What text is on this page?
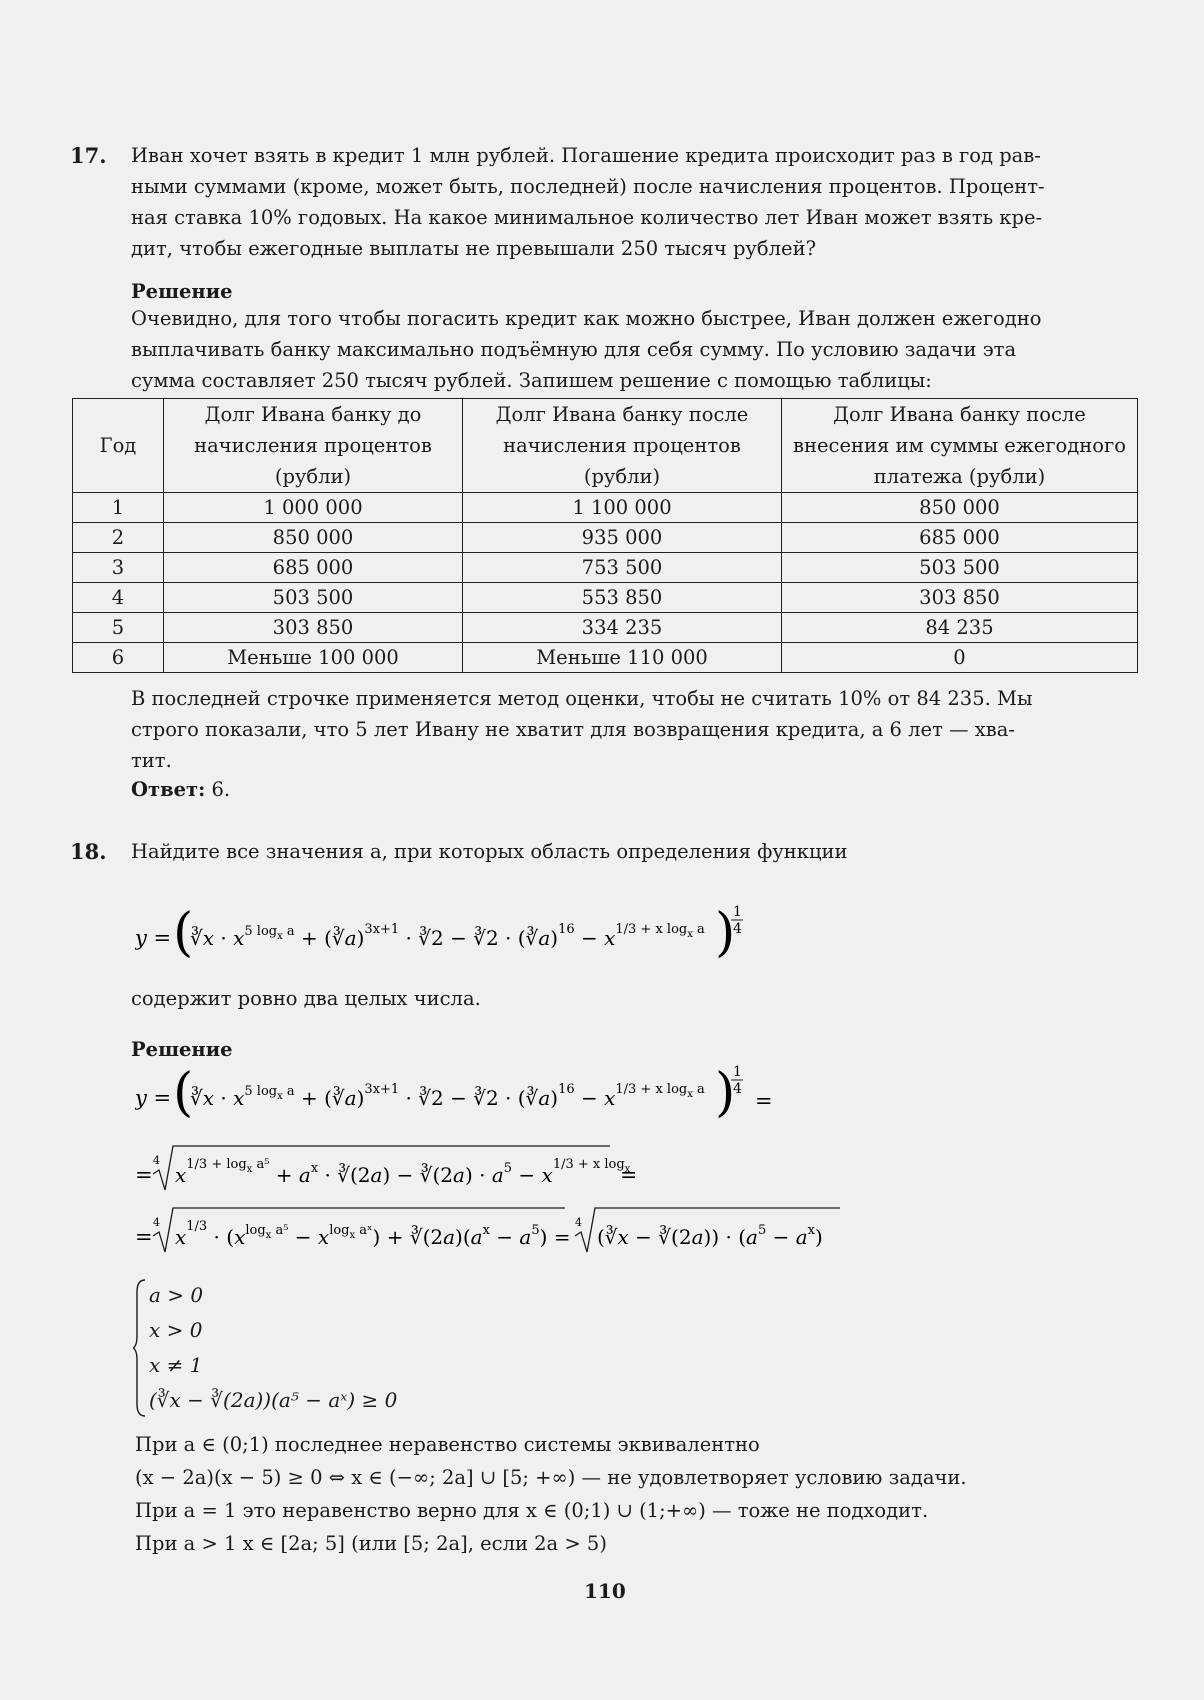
17. Иван хочет взять в кредит 1 млн рублей. Погашение кредита происходит раз в год рав-
ными суммами (кроме, может быть, последней) после начисления процентов. Процент-
ная ставка 10% годовых. На какое минимальное количество лет Иван может взять кре-
дит, чтобы ежегодные выплаты не превышали 250 тысяч рублей?
Решение
Очевидно, для того чтобы погасить кредит как можно быстрее, Иван должен ежегодно
выплачивать банку максимально подъёмную для себя сумму. По условию задачи эта
сумма составляет 250 тысяч рублей. Запишем решение с помощью таблицы:
Год	Долг Ивана банку до начисления процентов (рубли)	Долг Ивана банку после начисления процентов (рубли)	Долг Ивана банку после внесения им суммы ежегодного платежа (рубли)
1	1 000 000	1 100 000	850 000
2	850 000	935 000	685 000
3	685 000	753 500	503 500
4	503 500	553 850	303 850
5	303 850	334 235	84 235
6	Меньше 100 000	Меньше 110 000	0
В последней строчке применяется метод оценки, чтобы не считать 10% от 84 235. Мы
строго показали, что 5 лет Ивану не хватит для возвращения кредита, а 6 лет — хва-
тит.
Ответ: 6.
18. Найдите все значения a, при которых область определения функции
y = (
∛x · $x^{5 log}_x$ $^a$ + (∛a)$^{3x+1}$ · ∛2 − ∛2 · (∛a)$^{16}$ − $x^{1/3 + x log}_x$ $^a$ )
1
4
содержит ровно два целых числа.
Решение
y = (
∛x · $x^{5 log}_x$ $^a$ + (∛a)$^{3x+1}$ · ∛2 − ∛2 · (∛a)$^{16}$ − $x^{1/3 + x log}_x$ $^a$ )
1
4 =
=
4
$x^{1/3 + log}_x$ $^{a^5} + a^x$ · ∛(2a) − ∛(2a) · $a^5 - x^{1/3 + x log}_x$
=
=
4
$x^{1/3} \cdot (x^{log}_x$ $^{a^5} - x^{log}_x$ $^{aˣ}) + ∛(2a)(a^x - a^5)$ =
4
(∛x − ∛(2a)) · $(a^5 - a^x)$
a > 0
x > 0
x ≠ 1
(∛x − ∛(2a))(a⁵ − aˣ) ≥ 0
При a ∈ (0;1) последнее неравенство системы эквивалентно
(x − 2a)(x − 5) ≥ 0 ⇔ x ∈ (−∞; 2a] ∪ [5; +∞) — не удовлетворяет условию задачи.
При a = 1 это неравенство верно для x ∈ (0;1) ∪ (1;+∞) — тоже не подходит.
При a > 1 x ∈ [2a; 5] (или [5; 2a], если 2a > 5)
110
